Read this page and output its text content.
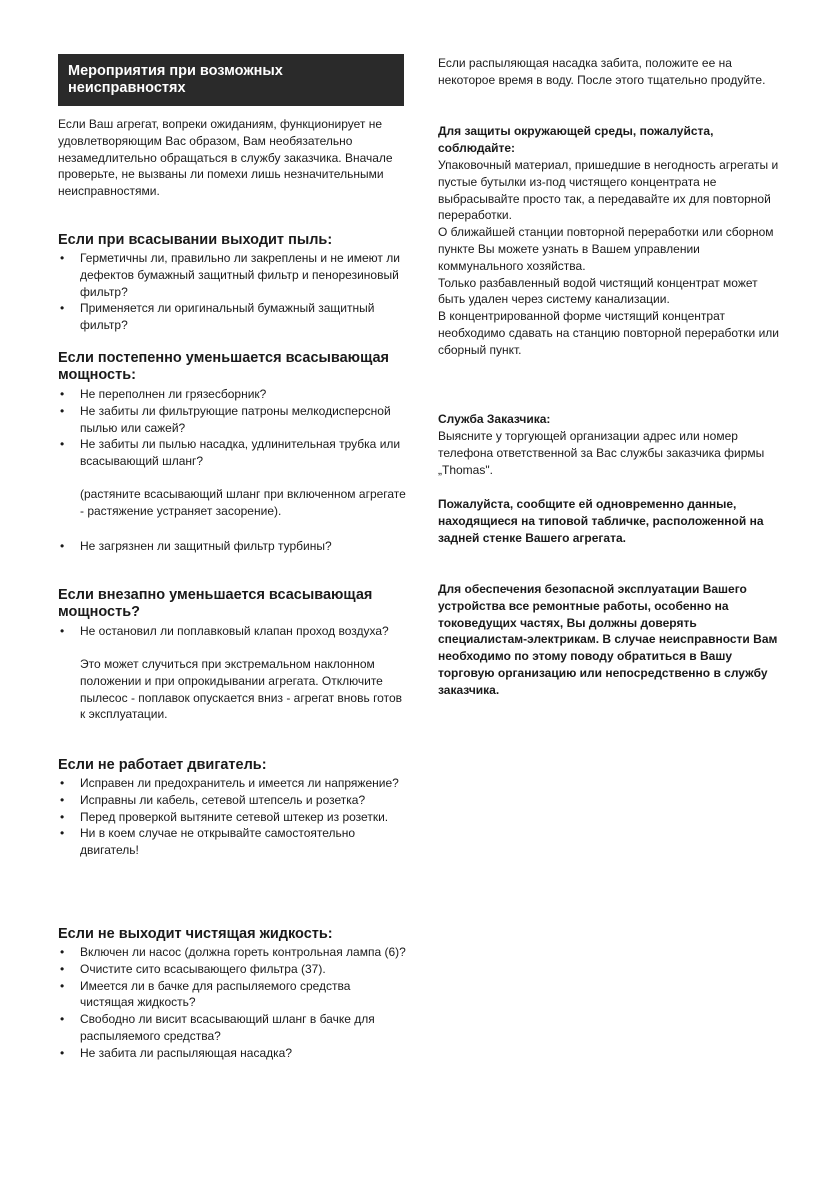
Мероприятия при возможных неисправностях

Если Ваш агрегат, вопреки ожиданиям, функционирует не удовлетворяющим Вас образом, Вам необязательно незамедлительно обращаться в службу заказчика. Вначале проверьте, не вызваны ли помехи лишь незначительными неисправностями.

Если при всасывании выходит пыль:

• Герметичны ли, правильно ли закреплены и не имеют ли дефектов бумажный защитный фильтр и пенорезиновый фильтр?
• Применяется ли оригинальный бумажный защитный фильтр?

Если постепенно уменьшается всасывающая мощность:

• Не переполнен ли грязесборник?
• Не забиты ли фильтрующие патроны мелкодисперсной пылью или сажей?
• Не забиты ли пылью насадка, удлинительная трубка или всасывающий шланг?

(растяните всасывающий шланг при включенном агрегате - растяжение устраняет засорение).

• Не загрязнен ли защитный фильтр турбины?

Если внезапно уменьшается всасывающая мощность?

• Не остановил ли поплавковый клапан проход воздуха?

Это может случиться при экстремальном наклонном положении и при опрокидывании агрегата. Отключите пылесос - поплавок опускается вниз - агрегат вновь готов к эксплуатации.

Если не работает двигатель:

• Исправен ли предохранитель и имеется ли напряжение?
• Исправны ли кабель, сетевой штепсель и розетка?
• Перед проверкой вытяните сетевой штекер из розетки.
• Ни в коем случае не открывайте самостоятельно двигатель!

Если не выходит чистящая жидкость:

• Включен ли насос (должна гореть контрольная лампа (6)?
• Очистите сито всасывающего фильтра (37).
• Имеется ли в бачке для распыляемого средства чистящая жидкость?
• Свободно ли висит всасывающий шланг в бачке для распыляемого средства?
• Не забита ли распыляющая насадка?

Если распыляющая насадка забита, положите ее на некоторое время в воду. После этого тщательно продуйте.

Для защиты окружающей среды, пожалуйста, соблюдайте:

Упаковочный материал, пришедшие в негодность агрегаты и пустые бутылки из-под чистящего концентрата не выбрасывайте просто так, а передавайте их для повторной переработки.
О ближайшей станции повторной переработки или сборном пункте Вы можете узнать в Вашем управлении коммунального хозяйства.
Только разбавленный водой чистящий концентрат может быть удален через систему канализации.
В концентрированной форме чистящий концентрат необходимо сдавать на станцию повторной переработки или сборный пункт.

Служба Заказчика:

Выясните у торгующей организации адрес или номер телефона ответственной за Вас службы заказчика фирмы „Thomas".

Пожалуйста, сообщите ей одновременно данные, находящиеся на типовой табличке, расположенной на задней стенке Вашего агрегата.

Для обеспечения безопасной эксплуатации Вашего устройства все ремонтные работы, особенно на токоведущих частях, Вы должны доверять специалистам-электрикам. В случае неисправности Вам необходимо по этому поводу обратиться в Вашу торговую организацию или непосредственно в службу заказчика.
